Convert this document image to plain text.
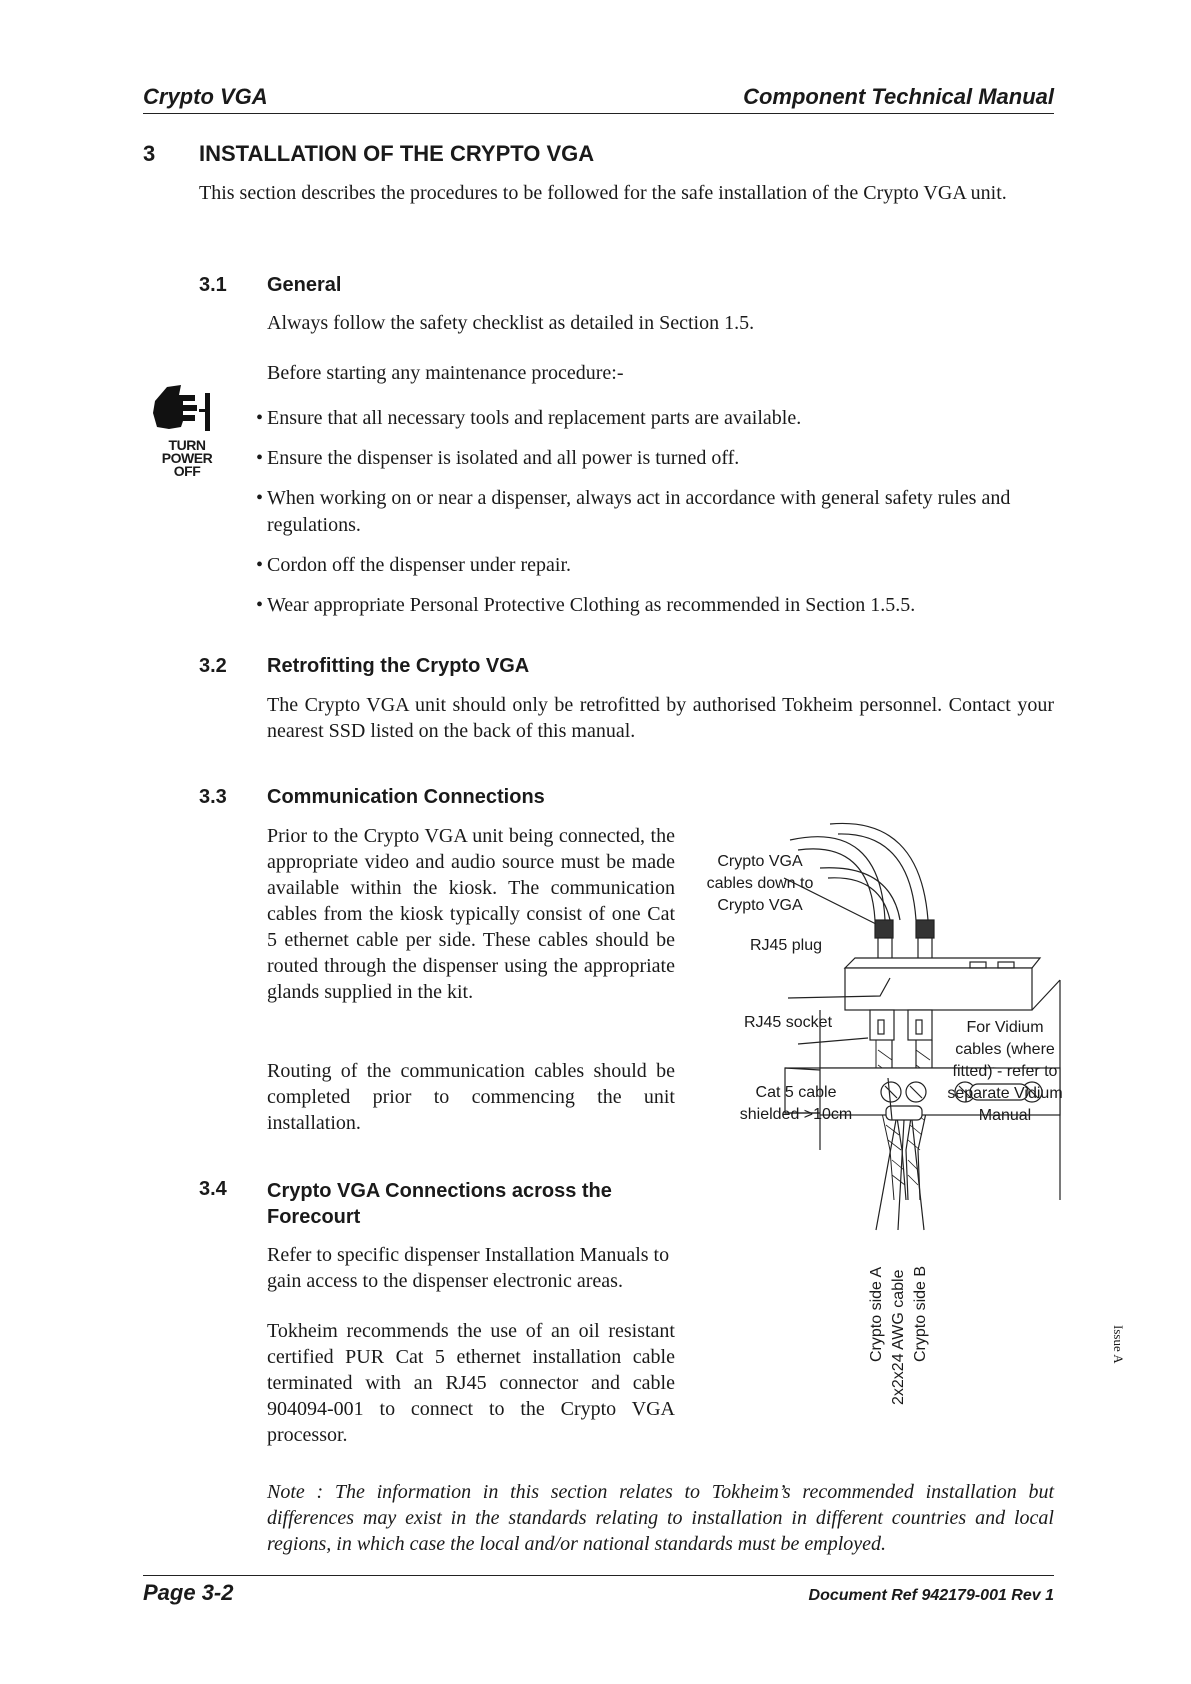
Crypto VGA	Component Technical Manual
3 INSTALLATION OF THE CRYPTO VGA
This section describes the procedures to be followed for the safe installation of the Crypto VGA unit.
3.1 General
Always follow the safety checklist as detailed in Section 1.5.
Before starting any maintenance procedure:-
TURN
POWER
OFF
• Ensure that all necessary tools and replacement parts are available.
• Ensure the dispenser is isolated and all power is turned off.
• When working on or near a dispenser, always act in accordance with general safety rules and regulations.
• Cordon off the dispenser under repair.
• Wear appropriate Personal Protective Clothing as recommended in Section 1.5.5.
3.2 Retrofitting the Crypto VGA
The Crypto VGA unit should only be retrofitted by authorised Tokheim personnel. Contact your nearest SSD listed on the back of this manual.
3.3 Communication Connections
Prior to the Crypto VGA unit being connected, the appropriate video and audio source must be made available within the kiosk. The communication cables from the kiosk typically consist of one Cat 5 ethernet cable per side. These cables should be routed through the dispenser using the appropriate glands supplied in the kit.
Routing of the communication cables should be completed prior to commencing the unit installation.
3.4 Crypto VGA Connections across the Forecourt
Refer to specific dispenser Installation Manuals to gain access to the dispenser electronic areas.
Tokheim recommends the use of an oil resistant certified PUR Cat 5 ethernet installation cable terminated with an RJ45 connector and cable 904094-001 to connect to the Crypto VGA processor.
Crypto VGA cables down to Crypto VGA
RJ45 plug
RJ45 socket
Cat 5 cable shielded >10cm
For Vidium cables (where fitted) - refer to separate Vidium Manual
Crypto side A 2x2x24 AWG cable Crypto side B	Issue A
Note : The information in this section relates to Tokheim’s recommended installation but differences may exist in the standards relating to installation in different countries and local regions, in which case the local and/or national standards must be employed.
Page 3-2	Document Ref 942179-001 Rev 1
